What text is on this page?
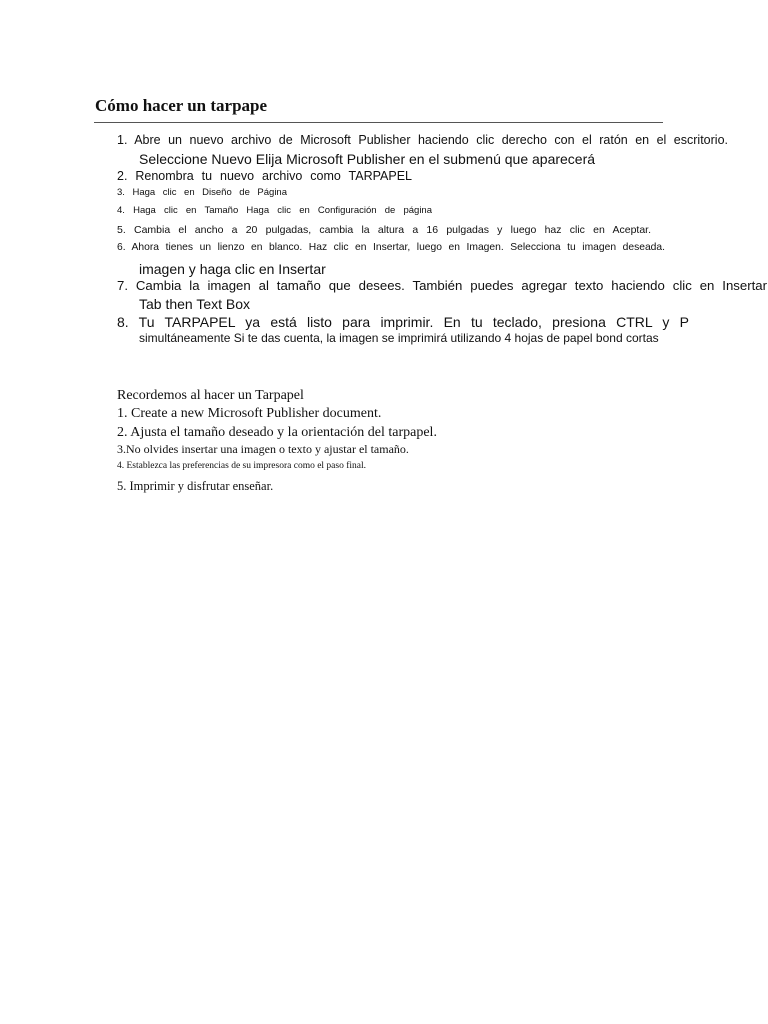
Cómo hacer un tarpape
1. Abre un nuevo archivo de Microsoft Publisher haciendo clic derecho con el ratón en el escritorio.
Seleccione Nuevo Elija Microsoft Publisher en el submenú que aparecerá
2. Renombra tu nuevo archivo como TARPAPEL
3. Haga clic en Diseño de Página
4. Haga clic en Tamaño Haga clic en Configuración de página
5. Cambia el ancho a 20 pulgadas, cambia la altura a 16 pulgadas y luego haz clic en Aceptar.
6. Ahora tienes un lienzo en blanco. Haz clic en Insertar, luego en Imagen. Selecciona tu imagen deseada.
imagen y haga clic en Insertar
7. Cambia la imagen al tamaño que desees. También puedes agregar texto haciendo clic en Insertar
Tab then Text Box
8. Tu TARPAPEL ya está listo para imprimir. En tu teclado, presiona CTRL y P
simultáneamente Si te das cuenta, la imagen se imprimirá utilizando 4 hojas de papel bond cortas
Recordemos al hacer un Tarpapel
1. Create a new Microsoft Publisher document.
2. Ajusta el tamaño deseado y la orientación del tarpapel.
3.No olvides insertar una imagen o texto y ajustar el tamaño.
4. Establezca las preferencias de su impresora como el paso final.
5. Imprimir y disfrutar enseñar.
